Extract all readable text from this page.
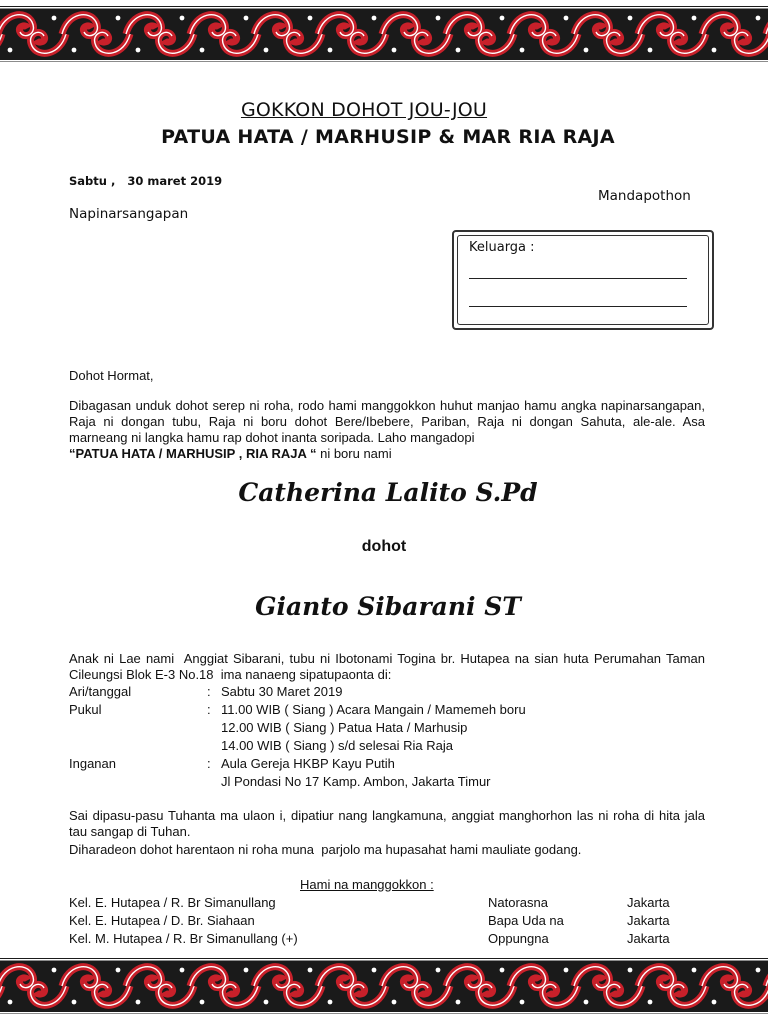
GOKKON DOHOT JOU-JOU
PATUA HATA / MARHUSIP & MAR RIA RAJA
Sabtu ,   30 maret 2019
Mandapothon
Napinarsangapan
Keluarga :
Dohot Hormat,
Dibagasan unduk dohot serep ni roha, rodo hami manggokkon huhut manjao hamu angka napinarsangapan, Raja ni dongan tubu, Raja ni boru dohot Bere/Ibebere, Pariban, Raja ni dongan Sahuta, ale-ale. Asa marneang ni langka hamu rap dohot inanta soripada. Laho mangadopi
“PATUA HATA / MARHUSIP , RIA RAJA “ ni boru nami
Catherina Lalito S.Pd
dohot
Gianto Sibarani ST
Anak ni Lae nami  Anggiat Sibarani, tubu ni Ibotonami Togina br. Hutapea na sian huta Perumahan Taman Cileungsi Blok E-3 No.18  ima nanaeng sipatupaonta di:
Ari/tanggal	: Sabtu 30 Maret 2019
Pukul	: 11.00 WIB ( Siang ) Acara Mangain / Mamemeh boru
12.00 WIB ( Siang ) Patua Hata / Marhusip
14.00 WIB ( Siang ) s/d selesai Ria Raja
Inganan	: Aula Gereja HKBP Kayu Putih
Jl Pondasi No 17 Kamp. Ambon, Jakarta Timur
Sai dipasu-pasu Tuhanta ma ulaon i, dipatiur nang langkamuna, anggiat manghorhon las ni roha di hita jala tau sangap di Tuhan.
Diharadeon dohot harentaon ni roha muna  parjolo ma hupasahat hami mauliate godang.
Hami na manggokkon :
Kel. E. Hutapea / R. Br Simanullang	Natorasna	Jakarta
Kel. E. Hutapea / D. Br. Siahaan	Bapa Uda na	Jakarta
Kel. M. Hutapea / R. Br Simanullang (+)	Oppungna	Jakarta
